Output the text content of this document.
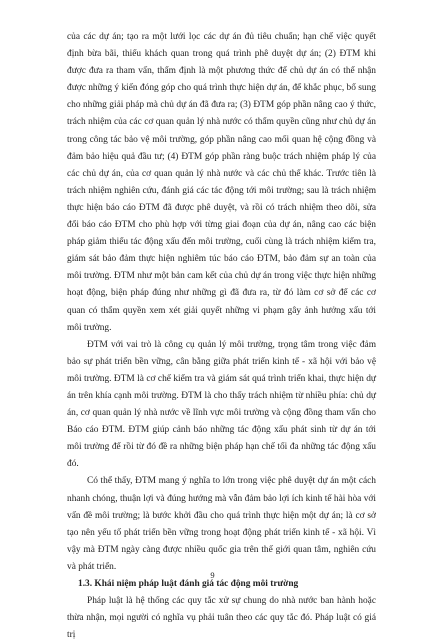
của các dự án; tạo ra một lưới lọc các dự án đủ tiêu chuẩn; hạn chế việc quyết định bừa bãi, thiếu khách quan trong quá trình phê duyệt dự án; (2) ĐTM khi được đưa ra tham vấn, thẩm định là một phương thức để chủ dự án có thể nhận được những ý kiến đóng góp cho quá trình thực hiện dự án, để khắc phục, bổ sung cho những giải pháp mà chủ dự án đã đưa ra; (3) ĐTM góp phần nâng cao ý thức, trách nhiệm của các cơ quan quản lý nhà nước có thẩm quyền cũng như chủ dự án trong công tác bảo vệ môi trường, góp phần nâng cao mối quan hệ cộng đồng và đảm bảo hiệu quả đầu tư; (4) ĐTM góp phần ràng buộc trách nhiệm pháp lý của các chủ dự án, của cơ quan quản lý nhà nước và các chủ thể khác. Trước tiên là trách nhiệm nghiên cứu, đánh giá các tác động tới môi trường; sau là trách nhiệm thực hiện báo cáo ĐTM đã được phê duyệt, và rồi có trách nhiệm theo dõi, sửa đổi báo cáo ĐTM cho phù hợp với từng giai đoạn của dự án, nâng cao các biện pháp giảm thiểu tác động xấu đến môi trường, cuối cùng là trách nhiệm kiểm tra, giám sát bảo đảm thực hiện nghiêm túc báo cáo ĐTM, bảo đảm sự an toàn của môi trường. ĐTM như một bản cam kết của chủ dự án trong việc thực hiện những hoạt động, biện pháp đúng như những gì đã đưa ra, từ đó làm cơ sở để các cơ quan có thẩm quyền xem xét giải quyết những vi phạm gây ảnh hưởng xấu tới môi trường.

ĐTM với vai trò là công cụ quản lý môi trường, trọng tâm trong việc đảm bảo sự phát triển bền vững, cân bằng giữa phát triển kinh tế - xã hội với bảo vệ môi trường. ĐTM là cơ chế kiểm tra và giám sát quá trình triển khai, thực hiện dự án trên khía cạnh môi trường. ĐTM là cho thấy trách nhiệm từ nhiều phía: chủ dự án, cơ quan quản lý nhà nước về lĩnh vực môi trường và cộng đồng tham vấn cho Báo cáo ĐTM. ĐTM giúp cảnh báo những tác động xấu phát sinh từ dự án tới môi trường để rồi từ đó đề ra những biện pháp hạn chế tối đa những tác động xấu đó.

Có thể thấy, ĐTM mang ý nghĩa to lớn trong việc phê duyệt dự án một cách nhanh chóng, thuận lợi và đúng hướng mà vẫn đảm bảo lợi ích kinh tế hài hòa với vấn đề môi trường; là bước khởi đầu cho quá trình thực hiện một dự án; là cơ sở tạo nên yếu tố phát triển bền vững trong hoạt động phát triển kinh tế - xã hội. Vì vậy mà ĐTM ngày càng được nhiều quốc gia trên thế giới quan tâm, nghiên cứu và phát triển.

1.3. Khái niệm pháp luật đánh giá tác động môi trường

Pháp luật là hệ thống các quy tắc xử sự chung do nhà nước ban hành hoặc thừa nhận, mọi người có nghĩa vụ phải tuân theo các quy tắc đó. Pháp luật có giá trị

9
